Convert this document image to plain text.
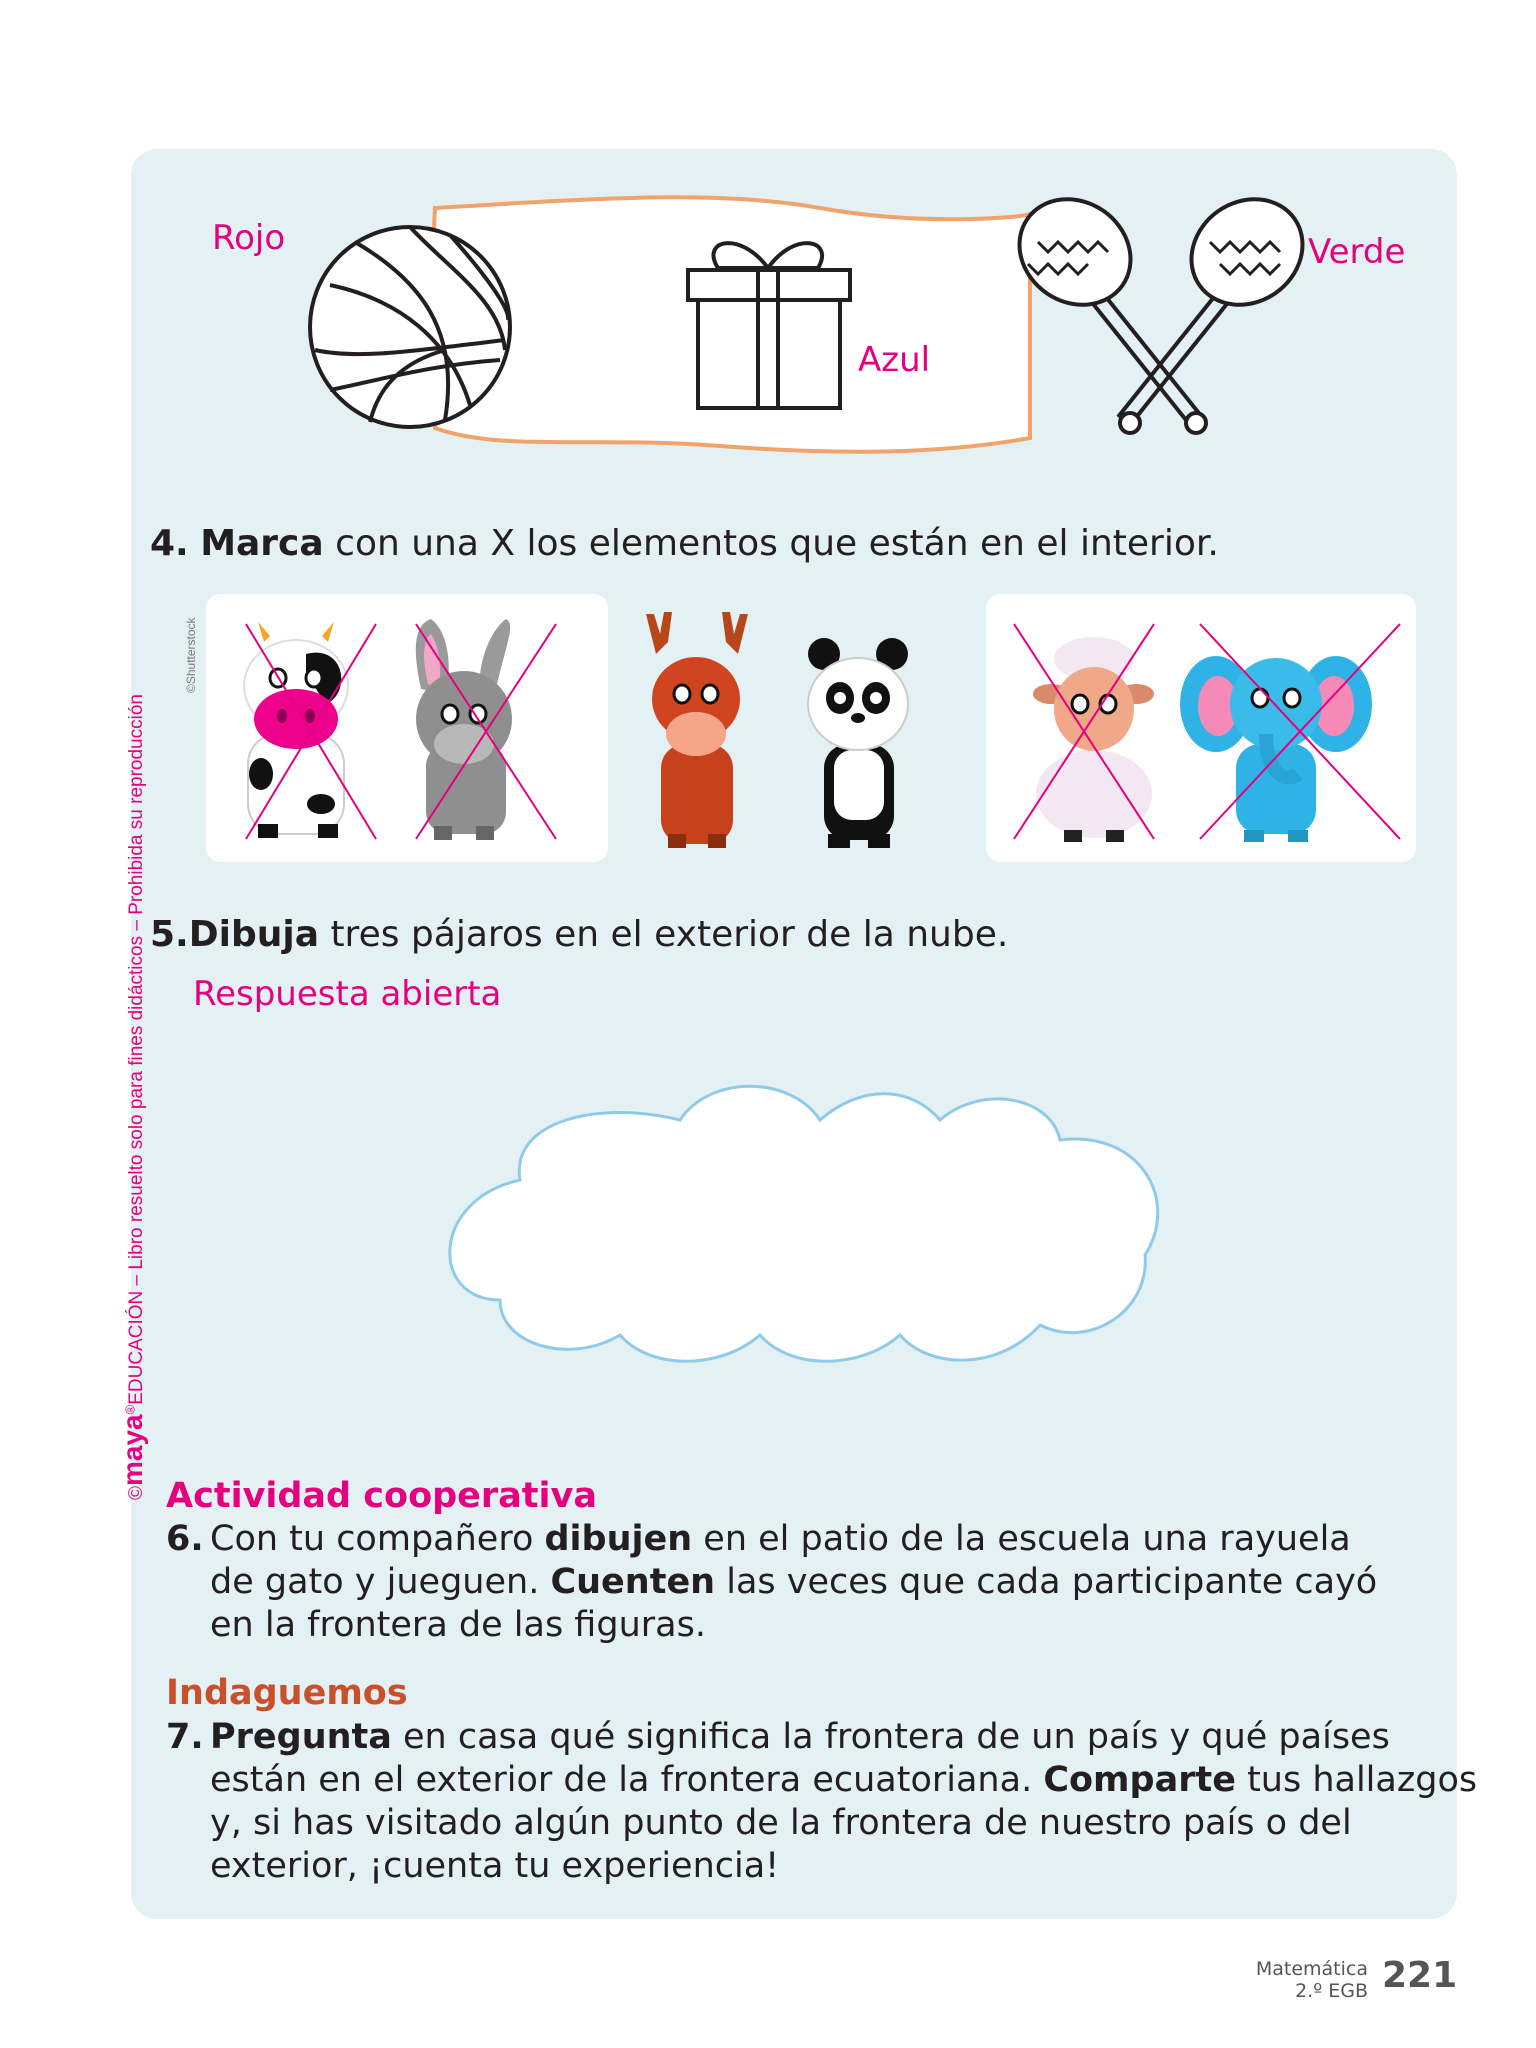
©maya®EDUCACIÓN – Libro resuelto solo para fines didácticos – Prohibida su reproducción
Rojo
Azul
Verde
4. Marca con una X los elementos que están en el interior.
©Shutterstock
5.Dibuja tres pájaros en el exterior de la nube.
Respuesta abierta
Actividad cooperativa
6. Con tu compañero dibujen en el patio de la escuela una rayuela
de gato y jueguen. Cuenten las veces que cada participante cayó
en la frontera de las figuras.
Indaguemos
7. Pregunta en casa qué significa la frontera de un país y qué países
están en el exterior de la frontera ecuatoriana. Comparte tus hallazgos
y, si has visitado algún punto de la frontera de nuestro país o del
exterior, ¡cuenta tu experiencia!
Matemática
2.º EGB 221
